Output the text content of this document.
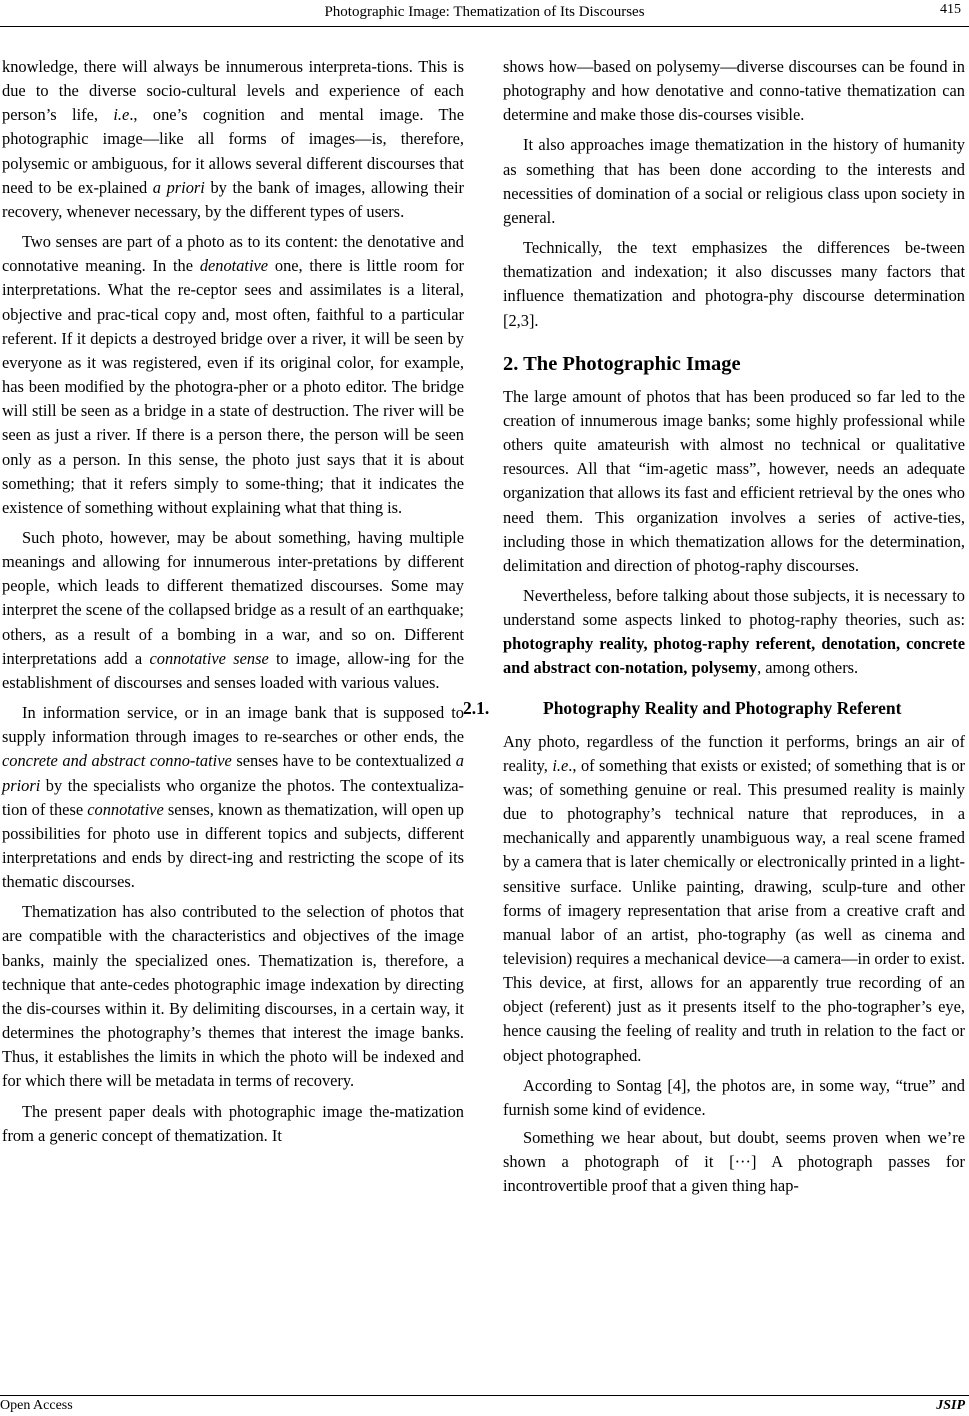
Photographic Image: Thematization of Its Discourses	415

knowledge, there will always be innumerous interpreta-tions. This is due to the diverse socio-cultural levels and experience of each person’s life, i.e., one’s cognition and mental image. The photographic image—like all forms of images—is, therefore, polysemic or ambiguous, for it allows several different discourses that need to be ex-plained a priori by the bank of images, allowing their recovery, whenever necessary, by the different types of users.

Two senses are part of a photo as to its content: the denotative and connotative meaning. In the denotative one, there is little room for interpretations. What the re-ceptor sees and assimilates is a literal, objective and prac-tical copy and, most often, faithful to a particular referent. If it depicts a destroyed bridge over a river, it will be seen by everyone as it was registered, even if its original color, for example, has been modified by the photogra-pher or a photo editor. The bridge will still be seen as a bridge in a state of destruction. The river will be seen as just a river. If there is a person there, the person will be seen only as a person. In this sense, the photo just says that it is about something; that it refers simply to some-thing; that it indicates the existence of something without explaining what that thing is.

Such photo, however, may be about something, having multiple meanings and allowing for innumerous inter-pretations by different people, which leads to different thematized discourses. Some may interpret the scene of the collapsed bridge as a result of an earthquake; others, as a result of a bombing in a war, and so on. Different interpretations add a connotative sense to image, allow-ing for the establishment of discourses and senses loaded with various values.

In information service, or in an image bank that is supposed to supply information through images to re-searches or other ends, the concrete and abstract conno-tative senses have to be contextualized a priori by the specialists who organize the photos. The contextualiza-tion of these connotative senses, known as thematization, will open up possibilities for photo use in different topics and subjects, different interpretations and ends by direct-ing and restricting the scope of its thematic discourses.

Thematization has also contributed to the selection of photos that are compatible with the characteristics and objectives of the image banks, mainly the specialized ones. Thematization is, therefore, a technique that ante-cedes photographic image indexation by directing the dis-courses within it. By delimiting discourses, in a certain way, it determines the photography’s themes that interest the image banks. Thus, it establishes the limits in which the photo will be indexed and for which there will be metadata in terms of recovery.

The present paper deals with photographic image the-matization from a generic concept of thematization. It

shows how—based on polysemy—diverse discourses can be found in photography and how denotative and conno-tative thematization can determine and make those dis-courses visible.

It also approaches image thematization in the history of humanity as something that has been done according to the interests and necessities of domination of a social or religious class upon society in general.

Technically, the text emphasizes the differences be-tween thematization and indexation; it also discusses many factors that influence thematization and photogra-phy discourse determination [2,3].

2. The Photographic Image

The large amount of photos that has been produced so far led to the creation of innumerous image banks; some highly professional while others quite amateurish with almost no technical or qualitative resources. All that “im-agetic mass”, however, needs an adequate organization that allows its fast and efficient retrieval by the ones who need them. This organization involves a series of active-ties, including those in which thematization allows for the determination, delimitation and direction of photog-raphy discourses.

Nevertheless, before talking about those subjects, it is necessary to understand some aspects linked to photog-raphy theories, such as: photography reality, photog-raphy referent, denotation, concrete and abstract con-notation, polysemy, among others.

2.1.	Photography Reality and Photography Referent

Any photo, regardless of the function it performs, brings an air of reality, i.e., of something that exists or existed; of something that is or was; of something genuine or real. This presumed reality is mainly due to photography’s technical nature that reproduces, in a mechanically and apparently unambiguous way, a real scene framed by a camera that is later chemically or electronically printed in a light-sensitive surface. Unlike painting, drawing, sculp-ture and other forms of imagery representation that arise from a creative craft and manual labor of an artist, pho-tography (as well as cinema and television) requires a mechanical device—a camera—in order to exist. This device, at first, allows for an apparently true recording of an object (referent) just as it presents itself to the pho-tographer’s eye, hence causing the feeling of reality and truth in relation to the fact or object photographed.

According to Sontag [4], the photos are, in some way, “true” and furnish some kind of evidence.

Something we hear about, but doubt, seems proven when we’re shown a photograph of it [···] A photograph passes for incontrovertible proof that a given thing hap-

Open Access	JSIP
